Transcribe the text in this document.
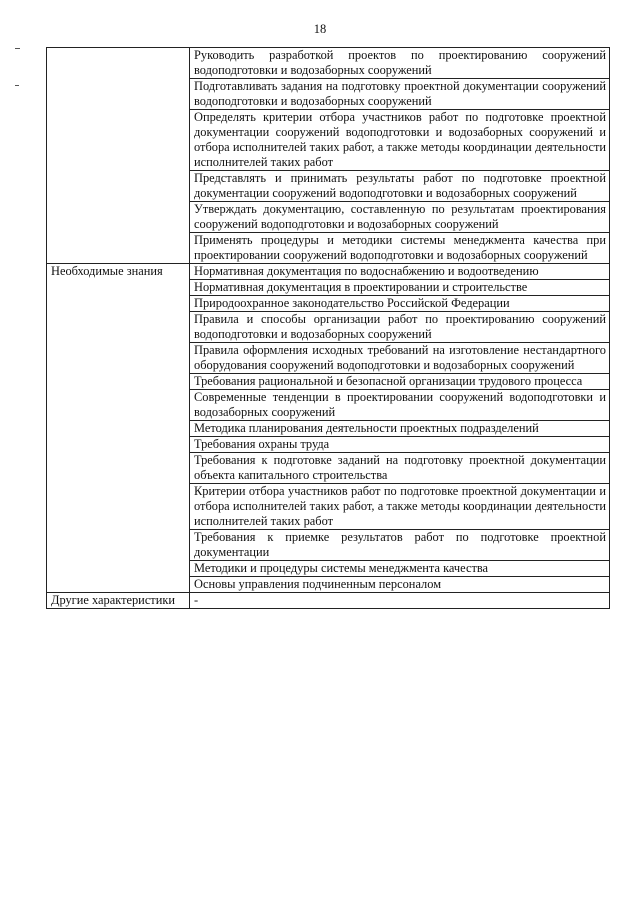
18
	Руководить разработкой проектов по проектированию сооружений водоподготовки и водозаборных сооружений
	Подготавливать задания на подготовку проектной документации сооружений водоподготовки и водозаборных сооружений
	Определять критерии отбора участников работ по подготовке проектной документации сооружений водоподготовки и водозаборных сооружений и отбора исполнителей таких работ, а также методы координации деятельности исполнителей таких работ
	Представлять и принимать результаты работ по подготовке проектной документации сооружений водоподготовки и водозаборных сооружений
	Утверждать документацию, составленную по результатам проектирования сооружений водоподготовки и водозаборных сооружений
	Применять процедуры и методики системы менеджмента качества при проектировании сооружений водоподготовки и водозаборных сооружений
Необходимые знания	Нормативная документация по водоснабжению и водоотведению
	Нормативная документация в проектировании и строительстве
	Природоохранное законодательство Российской Федерации
	Правила и способы организации работ по проектированию сооружений водоподготовки и водозаборных сооружений
	Правила оформления исходных требований на изготовление нестандартного оборудования сооружений водоподготовки и водозаборных сооружений
	Требования рациональной и безопасной организации трудового процесса
	Современные тенденции в проектировании сооружений водоподготовки и водозаборных сооружений
	Методика планирования деятельности проектных подразделений
	Требования охраны труда
	Требования к подготовке заданий на подготовку проектной документации объекта капитального строительства
	Критерии отбора участников работ по подготовке проектной документации и отбора исполнителей таких работ, а также методы координации деятельности исполнителей таких работ
	Требования к приемке результатов работ по подготовке проектной документации
	Методики и процедуры системы менеджмента качества
	Основы управления подчиненным персоналом
Другие характеристики	-
